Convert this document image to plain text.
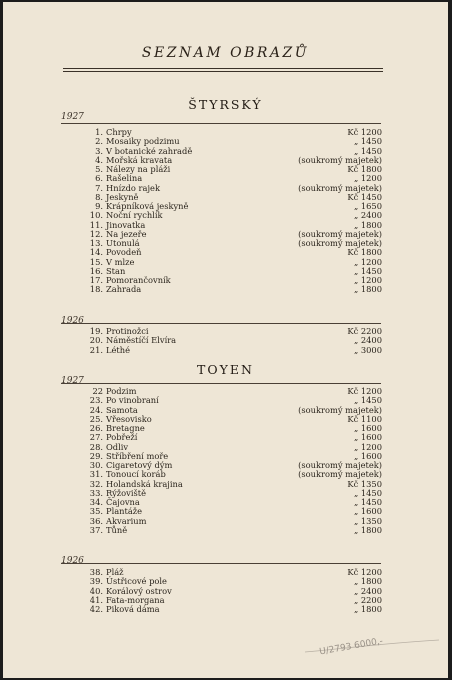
SEZNAM OBRAZŮ
ŠTYRSKÝ
1927
1926
TOYEN
1927
1926
U/2793 6000,-
1. Chrpy	Kč 1200
2. Mosaiky podzimu	„ 1450
3. V botanické zahradě	„ 1450
4. Mořská kravata	(soukromý majetek)
5. Nálezy na pláži	Kč 1800
6. Rašelina	„ 1200
7. Hnízdo rajek	(soukromý majetek)
8. Jeskyně	Kč 1450
9. Krápníková jeskyně	„ 1650
10. Noční rychlík	„ 2400
11. Jinovatka	„ 1800
12. Na jezeře	(soukromý majetek)
13. Utonulá	(soukromý majetek)
14. Povodeň	Kč 1800
15. V mlze	„ 1200
16. Stan	„ 1450
17. Pomorančovník	„ 1200
18. Zahrada	„ 1800
19. Protinožci	Kč 2200
20. Náměstíčí Elvíra	„ 2400
21. Léthé	„ 3000
22 Podzim	Kč 1200
23. Po vinobraní	„ 1450
24. Samota	(soukromý majetek)
25. Vřesovisko	Kč 1100
26. Bretagne	„ 1600
27. Pobřeží	„ 1600
28. Odliv	„ 1200
29. Stříbření moře	„ 1600
30. Cigaretový dým	(soukromý majetek)
31. Tonoucí koráb	(soukromý majetek)
32. Holandská krajina	Kč 1350
33. Rýžoviště	„ 1450
34. Čajovna	„ 1450
35. Plantáže	„ 1600
36. Akvarium	„ 1350
37. Tůně	„ 1800
38. Pláž	Kč 1200
39. Ústřicové pole	„ 1800
40. Korálový ostrov	„ 2400
41. Fata-morgana	„ 2200
42. Piková dáma	„ 1800
